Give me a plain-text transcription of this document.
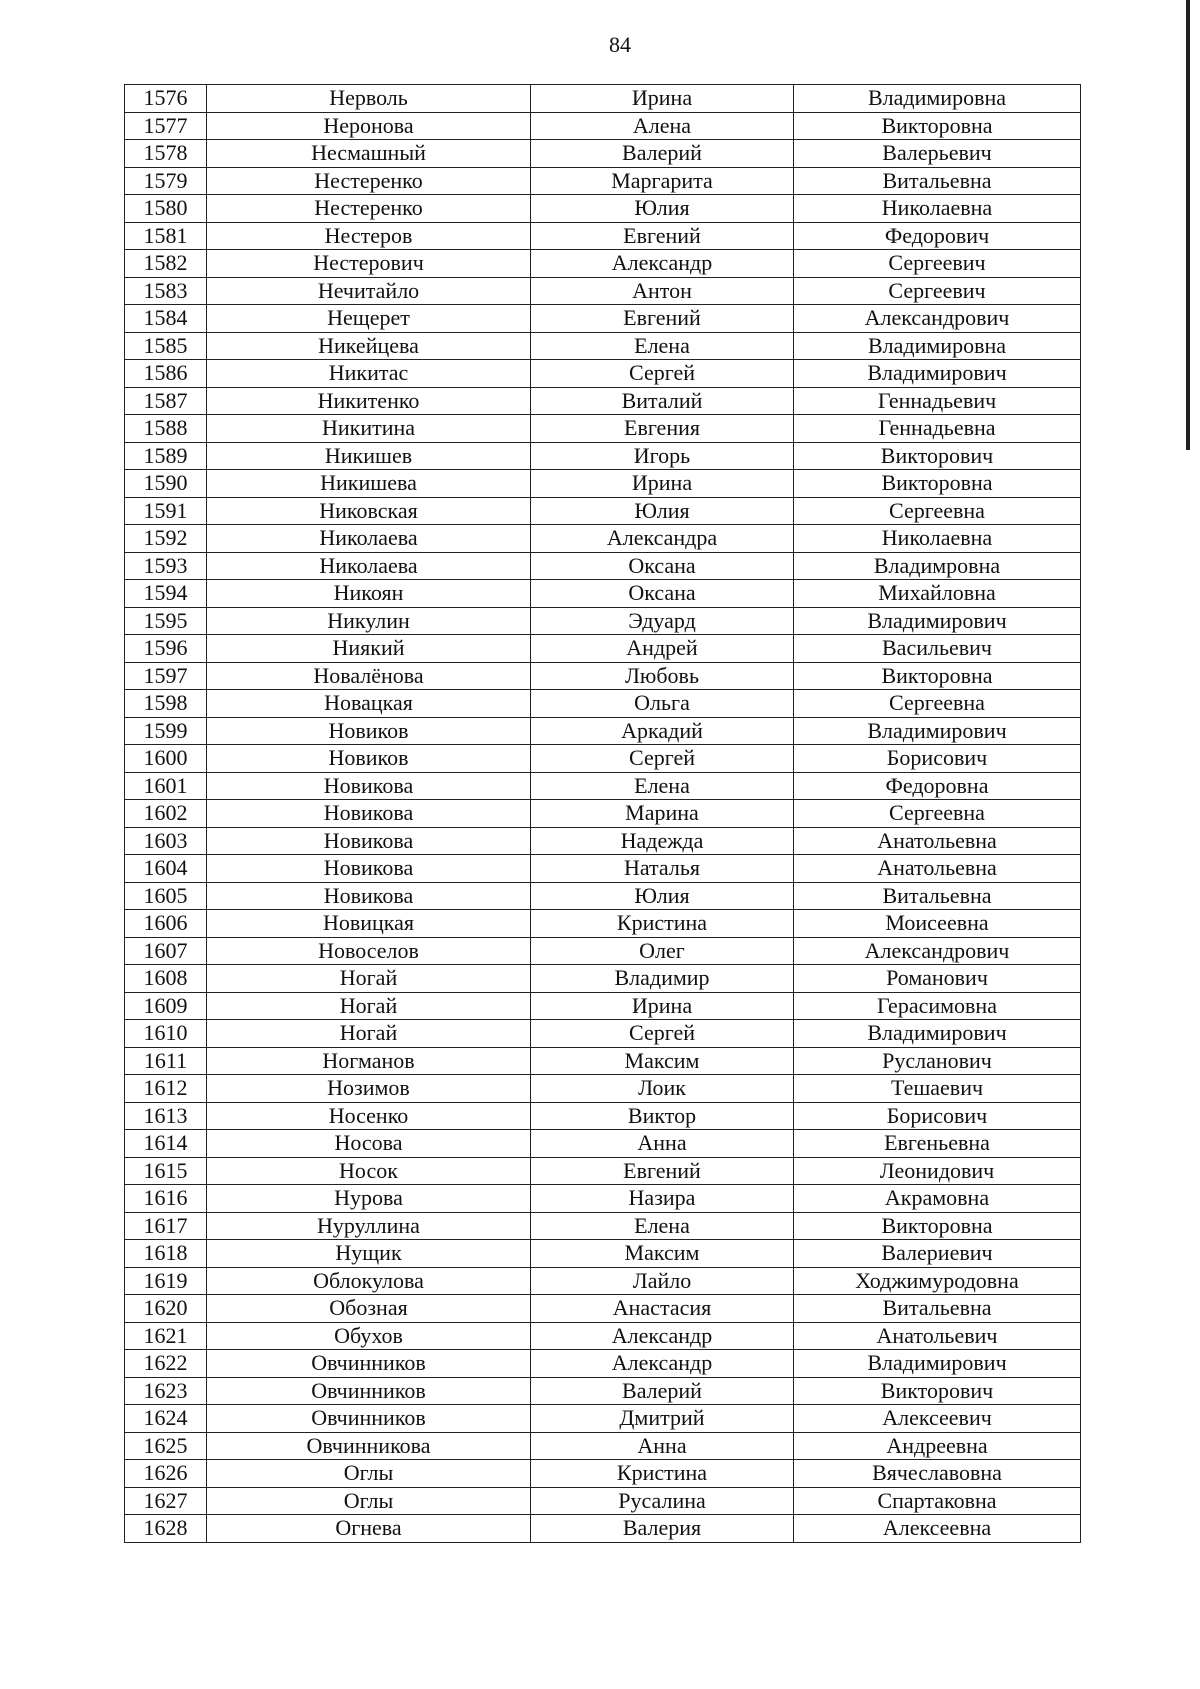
84
1576	Нерволь	Ирина	Владимировна
1577	Неронова	Алена	Викторовна
1578	Несмашный	Валерий	Валерьевич
1579	Нестеренко	Маргарита	Витальевна
1580	Нестеренко	Юлия	Николаевна
1581	Нестеров	Евгений	Федорович
1582	Нестерович	Александр	Сергеевич
1583	Нечитайло	Антон	Сергеевич
1584	Нещерет	Евгений	Александрович
1585	Никейцева	Елена	Владимировна
1586	Никитас	Сергей	Владимирович
1587	Никитенко	Виталий	Геннадьевич
1588	Никитина	Евгения	Геннадьевна
1589	Никишев	Игорь	Викторович
1590	Никишева	Ирина	Викторовна
1591	Никовская	Юлия	Сергеевна
1592	Николаева	Александра	Николаевна
1593	Николаева	Оксана	Владимровна
1594	Никоян	Оксана	Михайловна
1595	Никулин	Эдуард	Владимирович
1596	Ниякий	Андрей	Васильевич
1597	Новалёнова	Любовь	Викторовна
1598	Новацкая	Ольга	Сергеевна
1599	Новиков	Аркадий	Владимирович
1600	Новиков	Сергей	Борисович
1601	Новикова	Елена	Федоровна
1602	Новикова	Марина	Сергеевна
1603	Новикова	Надежда	Анатольевна
1604	Новикова	Наталья	Анатольевна
1605	Новикова	Юлия	Витальевна
1606	Новицкая	Кристина	Моисеевна
1607	Новоселов	Олег	Александрович
1608	Ногай	Владимир	Романович
1609	Ногай	Ирина	Герасимовна
1610	Ногай	Сергей	Владимирович
1611	Ногманов	Максим	Русланович
1612	Нозимов	Лоик	Тешаевич
1613	Носенко	Виктор	Борисович
1614	Носова	Анна	Евгеньевна
1615	Носок	Евгений	Леонидович
1616	Нурова	Назира	Акрамовна
1617	Нуруллина	Елена	Викторовна
1618	Нущик	Максим	Валериевич
1619	Облокулова	Лайло	Ходжимуродовна
1620	Обозная	Анастасия	Витальевна
1621	Обухов	Александр	Анатольевич
1622	Овчинников	Александр	Владимирович
1623	Овчинников	Валерий	Викторович
1624	Овчинников	Дмитрий	Алексеевич
1625	Овчинникова	Анна	Андреевна
1626	Оглы	Кристина	Вячеславовна
1627	Оглы	Русалина	Спартаковна
1628	Огнева	Валерия	Алексеевна
